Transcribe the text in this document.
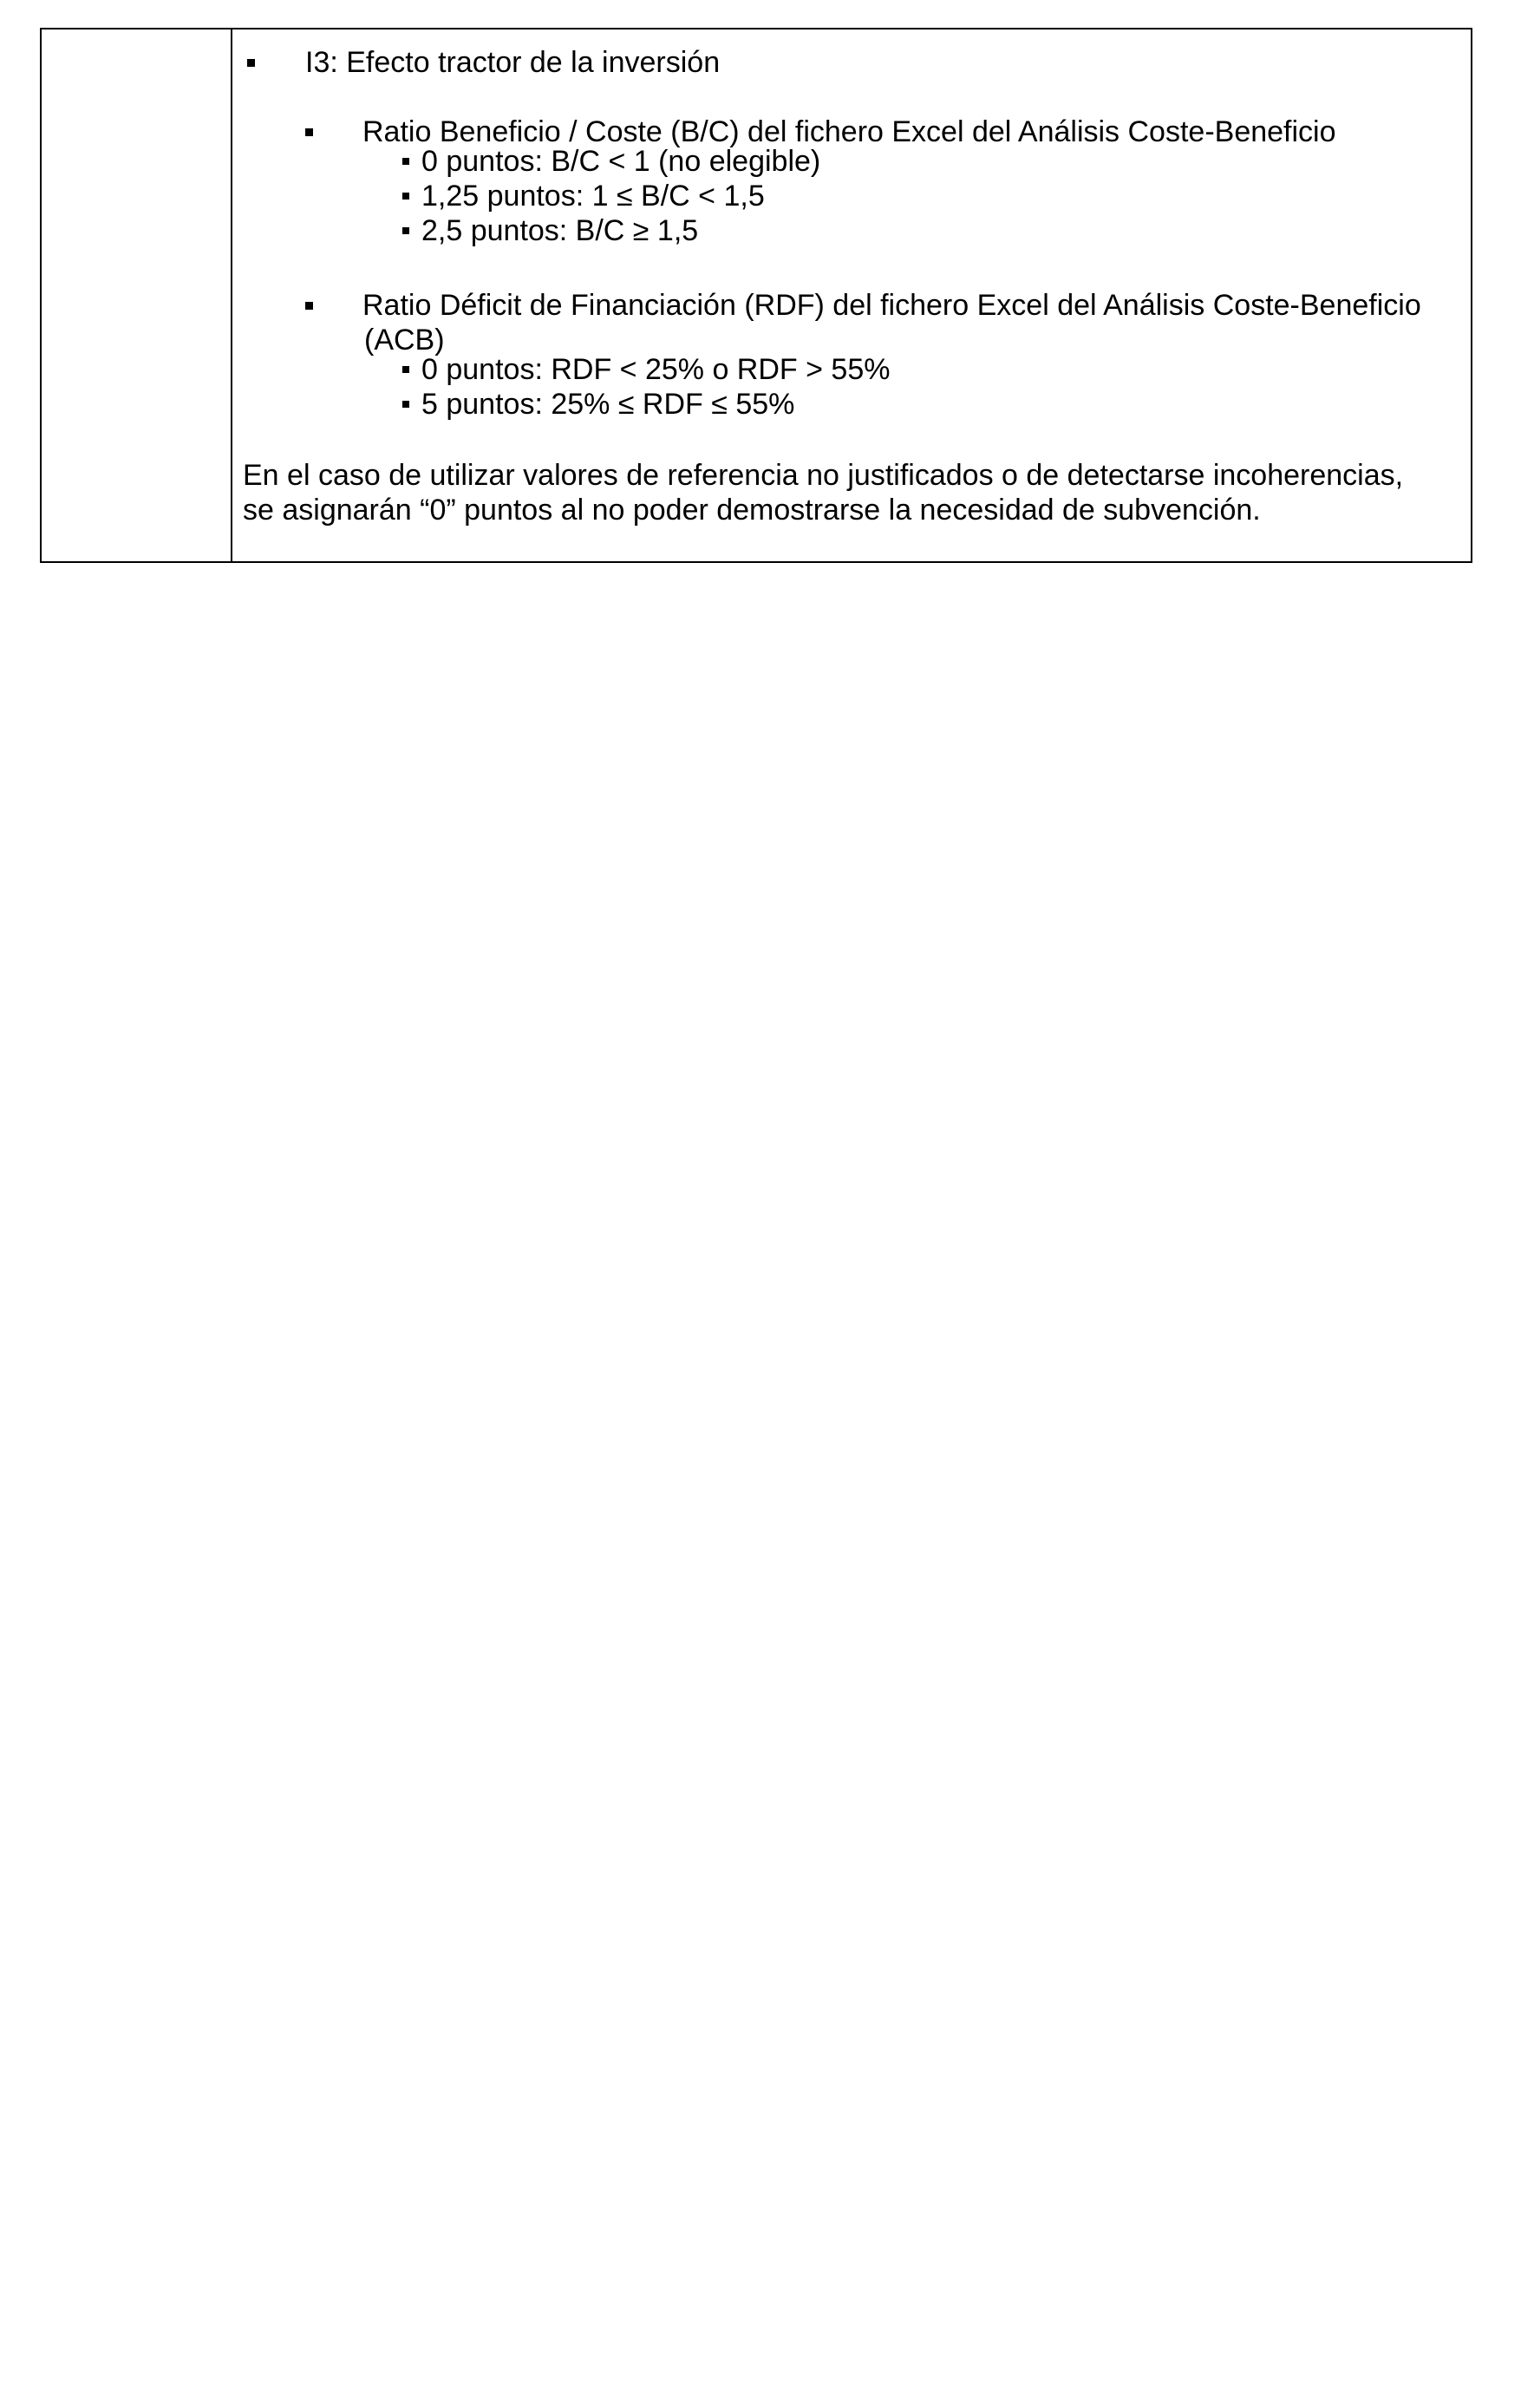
I3: Efecto tractor de la inversión
Ratio Beneficio / Coste (B/C) del fichero Excel del Análisis Coste-Beneficio
0 puntos: B/C < 1 (no elegible)
1,25 puntos: 1 ≤ B/C < 1,5
2,5 puntos: B/C ≥ 1,5
Ratio Déficit de Financiación (RDF) del fichero Excel del Análisis Coste-Beneficio
(ACB)
0 puntos: RDF < 25% o RDF > 55%
5 puntos: 25% ≤ RDF ≤ 55%
En el caso de utilizar valores de referencia no justificados o de detectarse incoherencias,
se asignarán “0” puntos al no poder demostrarse la necesidad de subvención.
